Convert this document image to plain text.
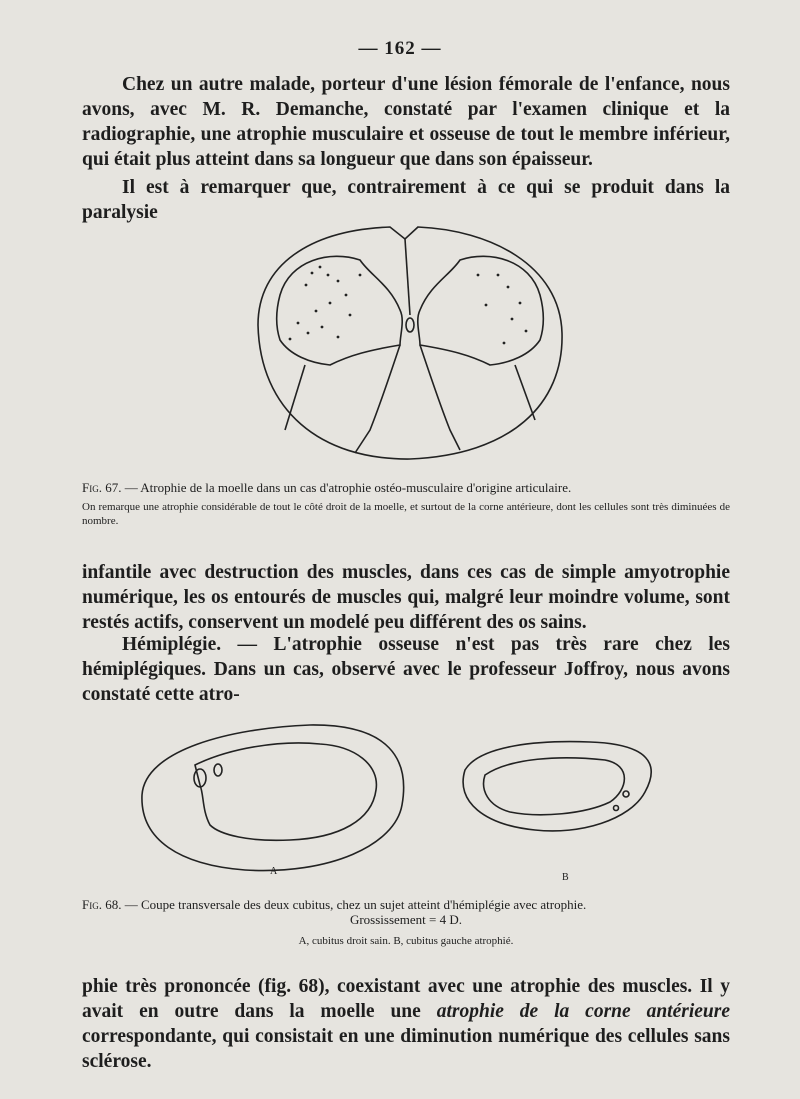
— 162 —

Chez un autre malade, porteur d'une lésion fémorale de l'enfance, nous avons, avec M. R. Demanche, constaté par l'examen clinique et la radiographie, une atrophie musculaire et osseuse de tout le membre inférieur, qui était plus atteint dans sa longueur que dans son épaisseur.

Il est à remarquer que, contrairement à ce qui se produit dans la paralysie

Fig. 67. — Atrophie de la moelle dans un cas d'atrophie ostéo-musculaire d'origine articulaire.

On remarque une atrophie considérable de tout le côté droit de la moelle, et surtout de la corne antérieure, dont les cellules sont très diminuées de nombre.

infantile avec destruction des muscles, dans ces cas de simple amyotrophie numérique, les os entourés de muscles qui, malgré leur moindre volume, sont restés actifs, conservent un modelé peu différent des os sains.

Hémiplégie. — L'atrophie osseuse n'est pas très rare chez les hémiplégiques. Dans un cas, observé avec le professeur Joffroy, nous avons constaté cette atro-

A
B

Fig. 68. — Coupe transversale des deux cubitus, chez un sujet atteint d'hémiplégie avec atrophie.

Grossissement = 4 D.

A, cubitus droit sain. B, cubitus gauche atrophié.

phie très prononcée (fig. 68), coexistant avec une atrophie des muscles. Il y avait en outre dans la moelle une atrophie de la corne antérieure correspondante, qui consistait en une diminution numérique des cellules sans sclérose.
